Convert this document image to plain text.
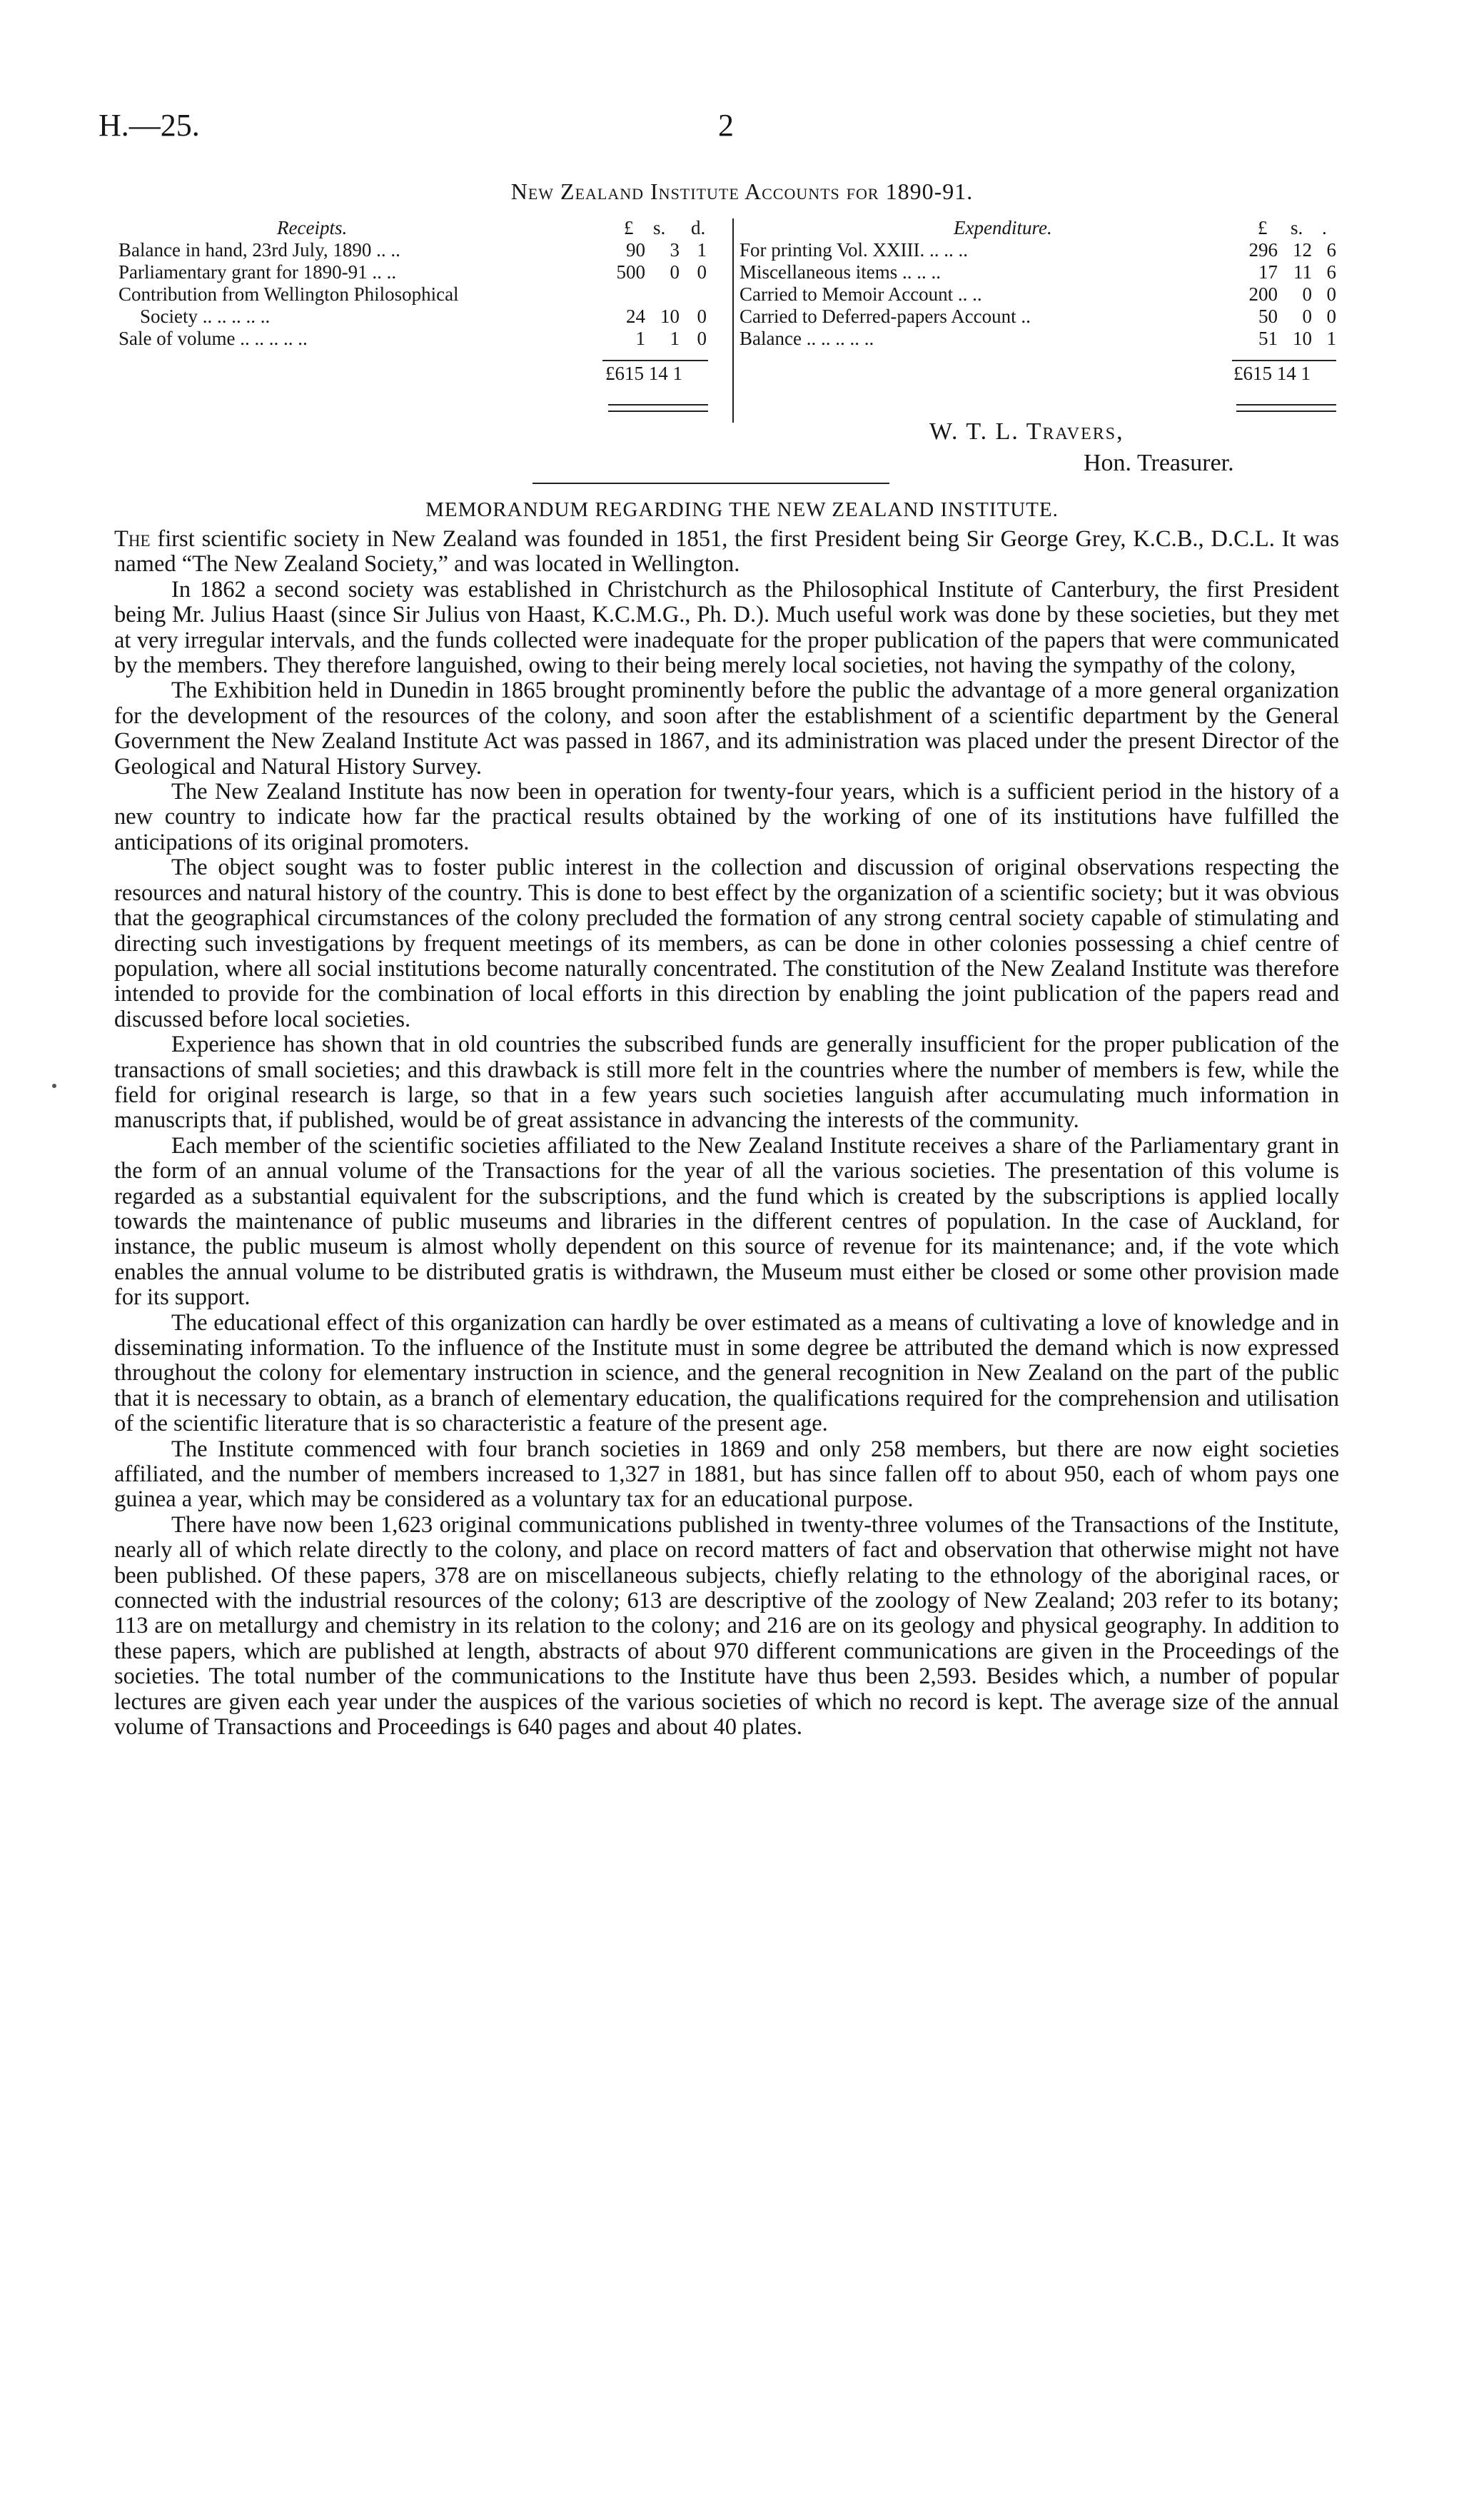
H.—25.	2
New Zealand Institute Accounts for 1890-91.
Receipts.	£ s. d.
Balance in hand, 23rd July, 1890 .. ..	90	3 1
Parliamentary grant for 1890-91 .. ..	500	0 0
Contribution from Wellington Philosophical
Society .. .. .. .. ..	24 10 0
Sale of volume .. .. .. .. ..	1	1 0
£615 14 1
Expenditure.	£ s. .
For printing Vol. XXIII. .. .. ..	296 12 6
Miscellaneous items .. .. ..	17 11 6
Carried to Memoir Account .. ..	200	0 0
Carried to Deferred-papers Account ..	50	0 0
Balance .. .. .. .. ..	51 10 1
£615 14 1
W. T. L. Travers,
Hon. Treasurer.
MEMORANDUM REGARDING THE NEW ZEALAND INSTITUTE.

The first scientific society in New Zealand was founded in 1851, the first President being Sir George Grey, K.C.B., D.C.L. It was named “The New Zealand Society,” and was located in Wellington.

In 1862 a second society was established in Christchurch as the Philosophical Institute of Canterbury, the first President being Mr. Julius Haast (since Sir Julius von Haast, K.C.M.G., Ph. D.). Much useful work was done by these societies, but they met at very irregular intervals, and the funds collected were inadequate for the proper publication of the papers that were communicated by the members. They therefore languished, owing to their being merely local societies, not having the sympathy of the colony,

The Exhibition held in Dunedin in 1865 brought prominently before the public the advantage of a more general organization for the development of the resources of the colony, and soon after the establishment of a scientific department by the General Government the New Zealand Institute Act was passed in 1867, and its administration was placed under the present Director of the Geological and Natural History Survey.

The New Zealand Institute has now been in operation for twenty-four years, which is a sufficient period in the history of a new country to indicate how far the practical results obtained by the working of one of its institutions have fulfilled the anticipations of its original promoters.

The object sought was to foster public interest in the collection and discussion of original observations respecting the resources and natural history of the country. This is done to best effect by the organization of a scientific society; but it was obvious that the geographical circumstances of the colony precluded the formation of any strong central society capable of stimulating and directing such investigations by frequent meetings of its members, as can be done in other colonies possessing a chief centre of population, where all social institutions become naturally concentrated. The constitution of the New Zealand Institute was therefore intended to provide for the combination of local efforts in this direction by enabling the joint publication of the papers read and discussed before local societies.

Experience has shown that in old countries the subscribed funds are generally insufficient for the proper publication of the transactions of small societies; and this drawback is still more felt in the countries where the number of members is few, while the field for original research is large, so that in a few years such societies languish after accumulating much information in manuscripts that, if published, would be of great assistance in advancing the interests of the community.

Each member of the scientific societies affiliated to the New Zealand Institute receives a share of the Parliamentary grant in the form of an annual volume of the Transactions for the year of all the various societies. The presentation of this volume is regarded as a substantial equivalent for the subscriptions, and the fund which is created by the subscriptions is applied locally towards the maintenance of public museums and libraries in the different centres of population. In the case of Auckland, for instance, the public museum is almost wholly dependent on this source of revenue for its maintenance; and, if the vote which enables the annual volume to be distributed gratis is withdrawn, the Museum must either be closed or some other provision made for its support.

The educational effect of this organization can hardly be over estimated as a means of cultivating a love of knowledge and in disseminating information. To the influence of the Institute must in some degree be attributed the demand which is now expressed throughout the colony for elementary instruction in science, and the general recognition in New Zealand on the part of the public that it is necessary to obtain, as a branch of elementary education, the qualifications required for the comprehension and utilisation of the scientific literature that is so characteristic a feature of the present age.

The Institute commenced with four branch societies in 1869 and only 258 members, but there are now eight societies affiliated, and the number of members increased to 1,327 in 1881, but has since fallen off to about 950, each of whom pays one guinea a year, which may be considered as a voluntary tax for an educational purpose.

There have now been 1,623 original communications published in twenty-three volumes of the Transactions of the Institute, nearly all of which relate directly to the colony, and place on record matters of fact and observation that otherwise might not have been published. Of these papers, 378 are on miscellaneous subjects, chiefly relating to the ethnology of the aboriginal races, or connected with the industrial resources of the colony; 613 are descriptive of the zoology of New Zealand; 203 refer to its botany; 113 are on metallurgy and chemistry in its relation to the colony; and 216 are on its geology and physical geography. In addition to these papers, which are published at length, abstracts of about 970 different communications are given in the Proceedings of the societies. The total number of the communications to the Institute have thus been 2,593. Besides which, a number of popular lectures are given each year under the auspices of the various societies of which no record is kept. The average size of the annual volume of Transactions and Proceedings is 640 pages and about 40 plates.
